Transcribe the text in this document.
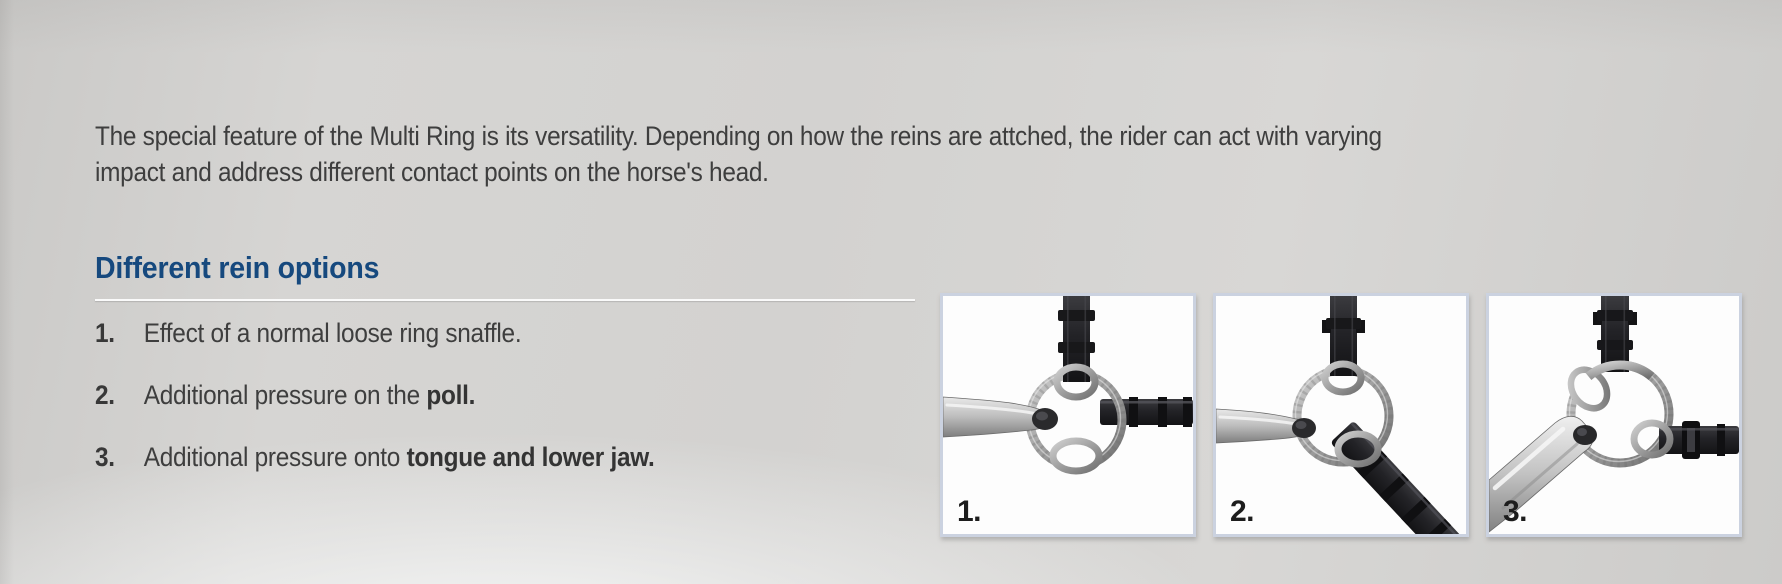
The special feature of the Multi Ring is its versatility. Depending on how the reins are attched, the rider can act with varying
impact and address different contact points on the horse's head.
Different rein options
1.	Effect of a normal loose ring snaffle.
2.	Additional pressure on the poll.
3.	Additional pressure onto tongue and lower jaw.
1.	2.	3.
